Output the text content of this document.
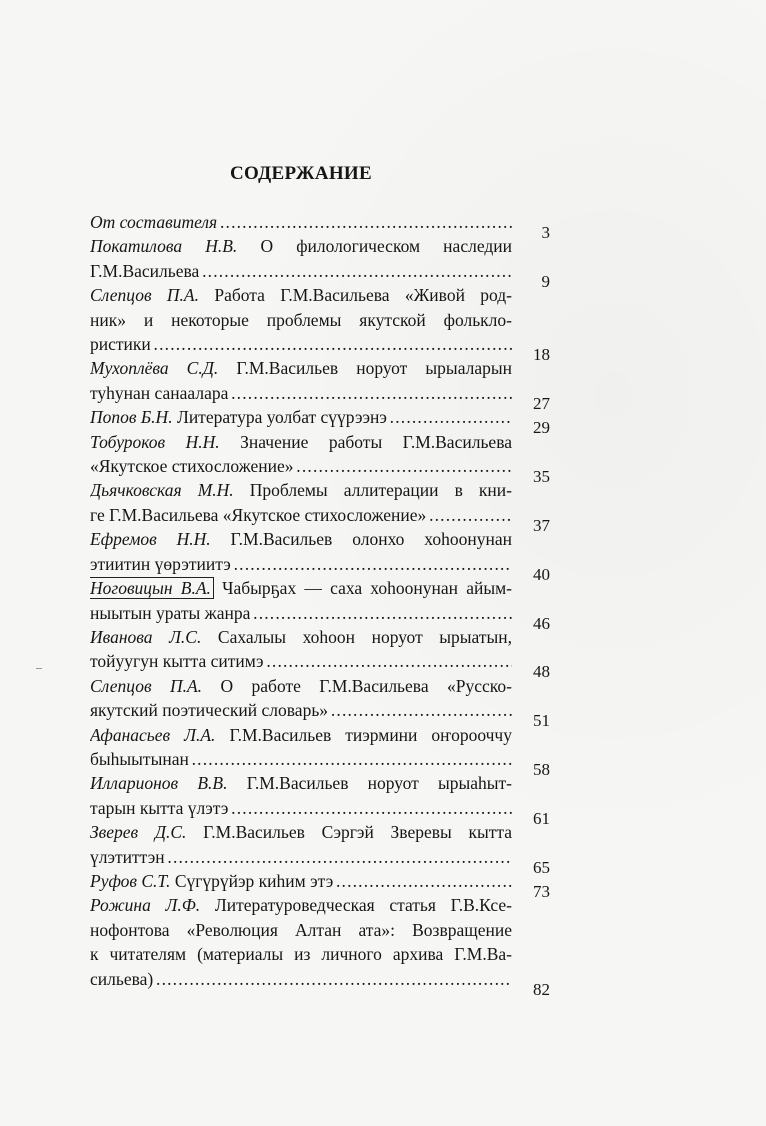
СОДЕРЖАНИЕ
От составителя . . .
3
Покатилова Н.В. О филологическом наследии
Г.М.Васильева . . .
9
Слепцов П.А. Работа Г.М.Васильева «Живой род-
ник» и некоторые проблемы якутской фолькло-
ристики . . .
18
Мухоплёва С.Д. Г.М.Васильев норуот ырыаларын
туһунан санаалара . . .
27
Попов Б.Н. Литература уолбат сүүрээнэ . . .
29
Тобуроков Н.Н. Значение работы Г.М.Васильева
«Якутское стихосложение» . . .
35
Дьячковская М.Н. Проблемы аллитерации в кни-
ге Г.М.Васильева «Якутское стихосложение» . . .
37
Ефремов Н.Н. Г.М.Васильев олонхо хоһоонунан
этиитин үөрэтиитэ . . .
40
Ноговицын В.А. Чабырҕах — саха хоһоонунан айым-
ныытын ураты жанра . . .
46
Иванова Л.С. Сахалыы хоһоон норуот ырыатын,
тойуугун кытта ситимэ . . .
48
Слепцов П.А. О работе Г.М.Васильева «Русско-
якутский поэтический словарь» . . .
51
Афанасьев Л.А. Г.М.Васильев тиэрмини оҥорооччу
быһыытынан . . .
58
Илларионов В.В. Г.М.Васильев норуот ырыаһыт-
тарын кытта үлэтэ . . .
61
Зверев Д.С. Г.М.Васильев Сэргэй Зверевы кытта
үлэтиттэн . . .
65
Руфов С.Т. Сүгүрүйэр киһим этэ . . .
73
Рожина Л.Ф. Литературоведческая статья Г.В.Ксе-
нофонтова «Революция Алтан ата»: Возвращение
к читателям (материалы из личного архива Г.М.Ва-
сильева) . . .
82
